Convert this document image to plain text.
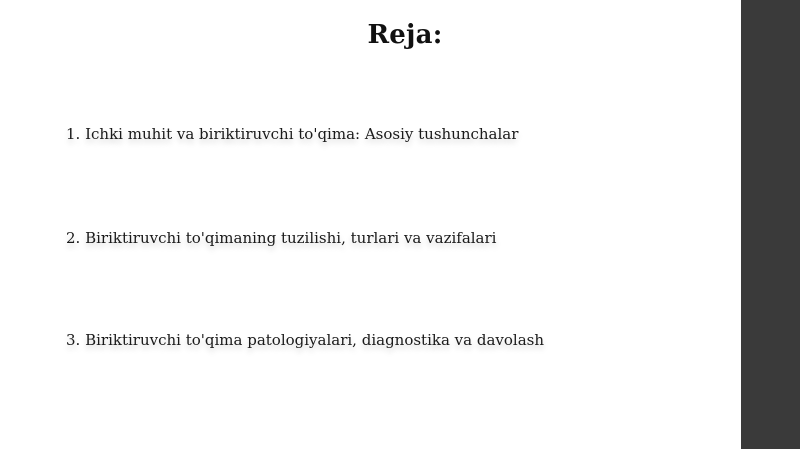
Reja:
1. Ichki muhit va biriktiruvchi to'qima: Asosiy tushunchalar
2. Biriktiruvchi to'qimaning tuzilishi, turlari va vazifalari
3. Biriktiruvchi to'qima patologiyalari, diagnostika va davolash
